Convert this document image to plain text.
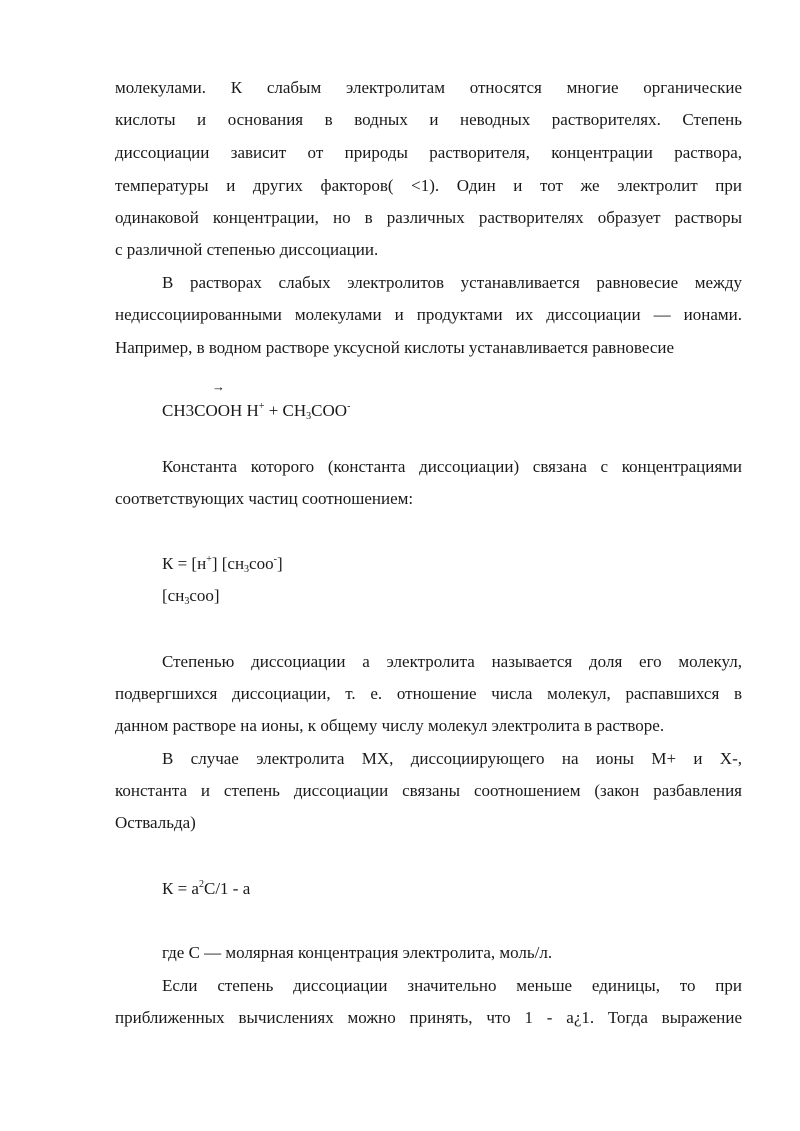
молекулами. К слабым электролитам относятся многие органические
кислоты и основания в водных и неводных растворителях. Степень
диссоциации зависит от природы растворителя, концентрации раствора,
температуры и других факторов( <1). Один и тот же электролит при
одинаковой концентрации, но в различных растворителях образует растворы
с различной степенью диссоциации.
В растворах слабых электролитов устанавливается равновесие между
недиссоциированными молекулами и продуктами их диссоциации — ионами.
Например, в водном растворе уксусной кислоты устанавливается равновесие
→
CH3COOH $H^+ + CH_3COO^-$
Константа которого (константа диссоциации) связана с концентрациями
соответствующих частиц соотношением:
К = [н+] $[сн_3соо^-]$
$[сн_3соо]$
Степенью диссоциации а электролита называется доля его молекул,
подвергшихся диссоциации, т. е. отношение числа молекул, распавшихся в
данном растворе на ионы, к общему числу молекул электролита в растворе.
В случае электролита MX, диссоциирующего на ионы М+ и Х-,
константа и степень диссоциации связаны соотношением (закон разбавления
Оствальда)
$К = а^2С/1 - а$
где С — молярная концентрация электролита, моль/л.
Если степень диссоциации значительно меньше единицы, то при
приближенных вычислениях можно принять, что 1 - а¿1. Тогда выражение
